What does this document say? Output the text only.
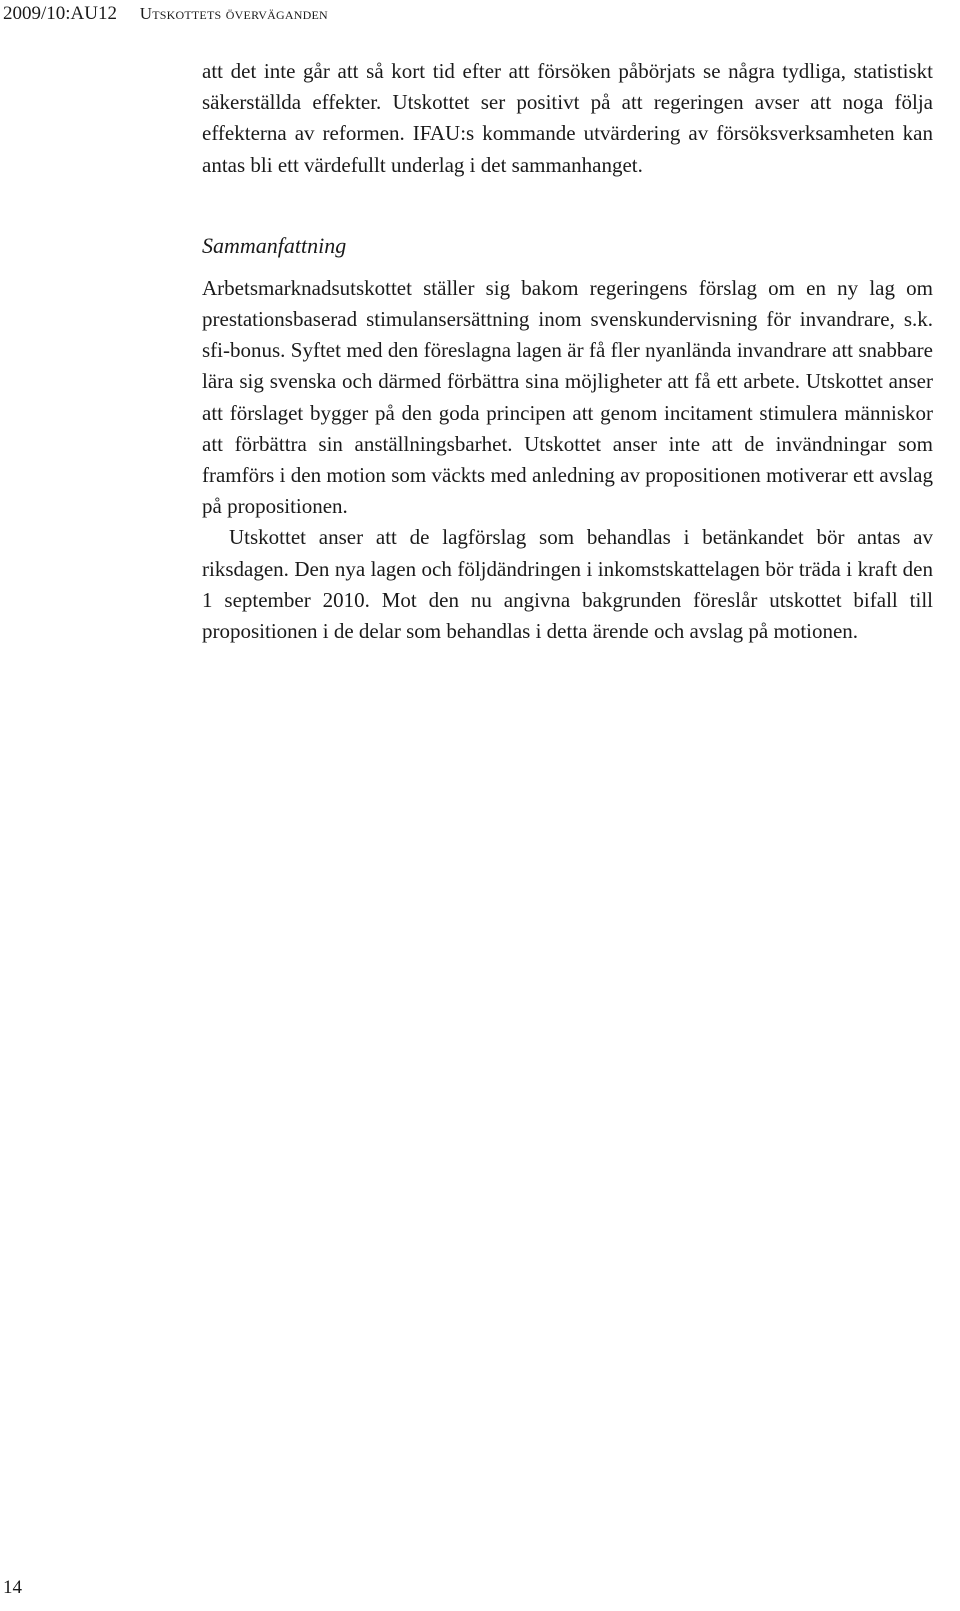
2009/10:AU12 Utskottets överväganden

att det inte går att så kort tid efter att försöken påbörjats se några tydliga, statistiskt säkerställda effekter. Utskottet ser positivt på att regeringen avser att noga följa effekterna av reformen. IFAU:s kommande utvärdering av försöksverksamheten kan antas bli ett värdefullt underlag i det sammanhanget.

Sammanfattning

Arbetsmarknadsutskottet ställer sig bakom regeringens förslag om en ny lag om prestationsbaserad stimulansersättning inom svenskundervisning för invandrare, s.k. sfi-bonus. Syftet med den föreslagna lagen är få fler nyanlända invandrare att snabbare lära sig svenska och därmed förbättra sina möjligheter att få ett arbete. Utskottet anser att förslaget bygger på den goda principen att genom incitament stimulera människor att förbättra sin anställningsbarhet. Utskottet anser inte att de invändningar som framförs i den motion som väckts med anledning av propositionen motiverar ett avslag på propositionen.

Utskottet anser att de lagförslag som behandlas i betänkandet bör antas av riksdagen. Den nya lagen och följdändringen i inkomstskattelagen bör träda i kraft den 1 september 2010. Mot den nu angivna bakgrunden föreslår utskottet bifall till propositionen i de delar som behandlas i detta ärende och avslag på motionen.

14
